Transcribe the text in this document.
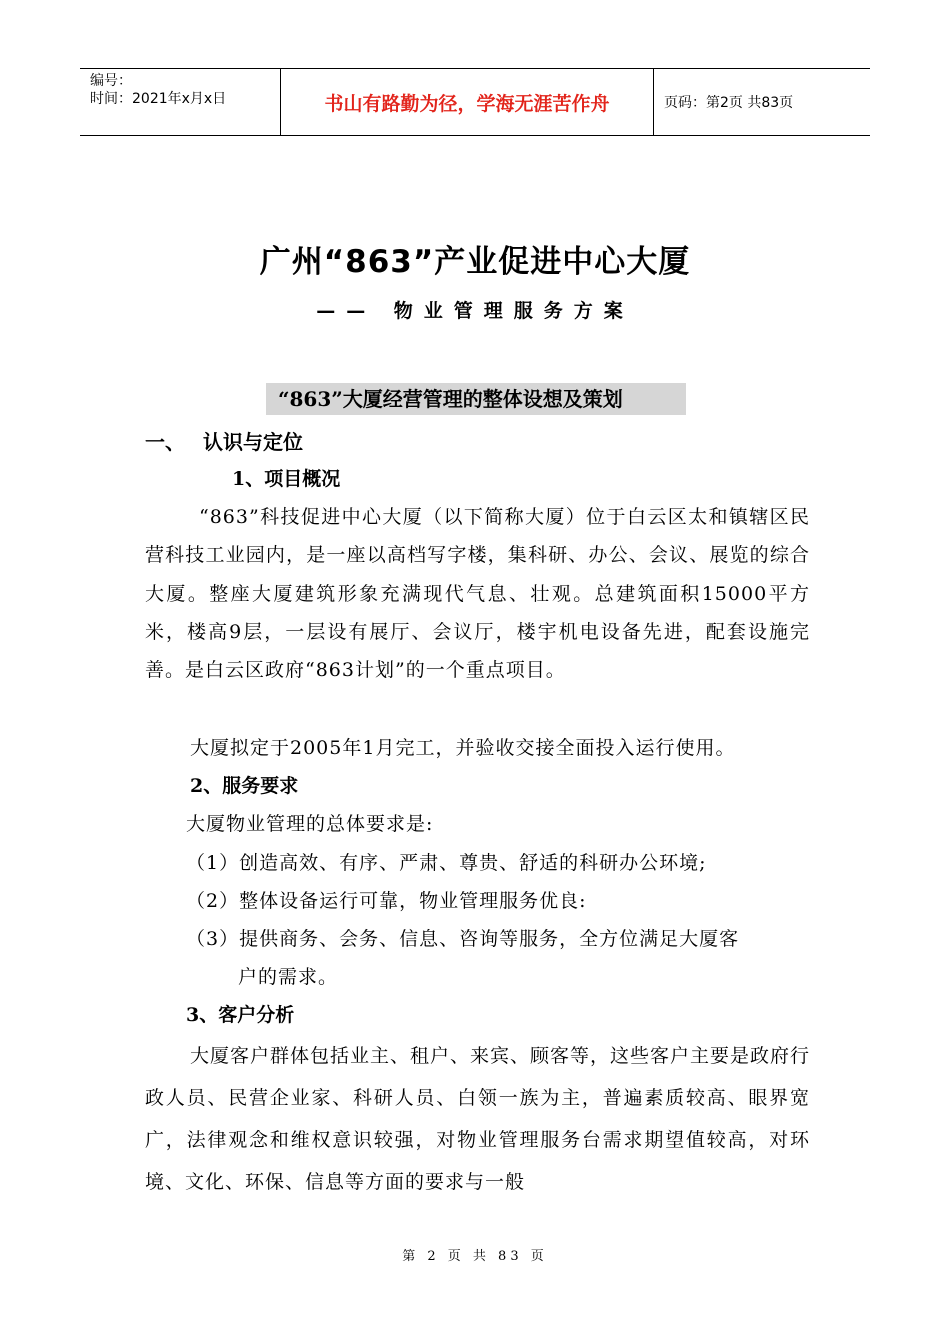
编号：
时间：2021年x月x日	书山有路勤为径，学海无涯苦作舟	页码：第2页 共83页
广州“863”产业促进中心大厦
—— 物业管理服务方案
“863”大厦经营管理的整体设想及策划
一、 认识与定位
1、项目概况
“863”科技促进中心大厦（以下简称大厦）位于白云区太和镇辖区民营科技工业园内，是一座以高档写字楼，集科研、办公、会议、展览的综合大厦。整座大厦建筑形象充满现代气息、壮观。总建筑面积15000平方米，楼高9层，一层设有展厅、会议厅，楼宇机电设备先进，配套设施完善。是白云区政府“863计划”的一个重点项目。
大厦拟定于2005年1月完工，并验收交接全面投入运行使用。
2、服务要求
大厦物业管理的总体要求是:
（1）创造高效、有序、严肃、尊贵、舒适的科研办公环境;
（2）整体设备运行可靠，物业管理服务优良:
（3）提供商务、会务、信息、咨询等服务，全方位满足大厦客
户的需求。
3、客户分析
大厦客户群体包括业主、租户、来宾、顾客等，这些客户主要是政府行政人员、民营企业家、科研人员、白领一族为主，普遍素质较高、眼界宽广，法律观念和维权意识较强，对物业管理服务台需求期望值较高，对环境、文化、环保、信息等方面的要求与一般
第 2 页 共 83 页
